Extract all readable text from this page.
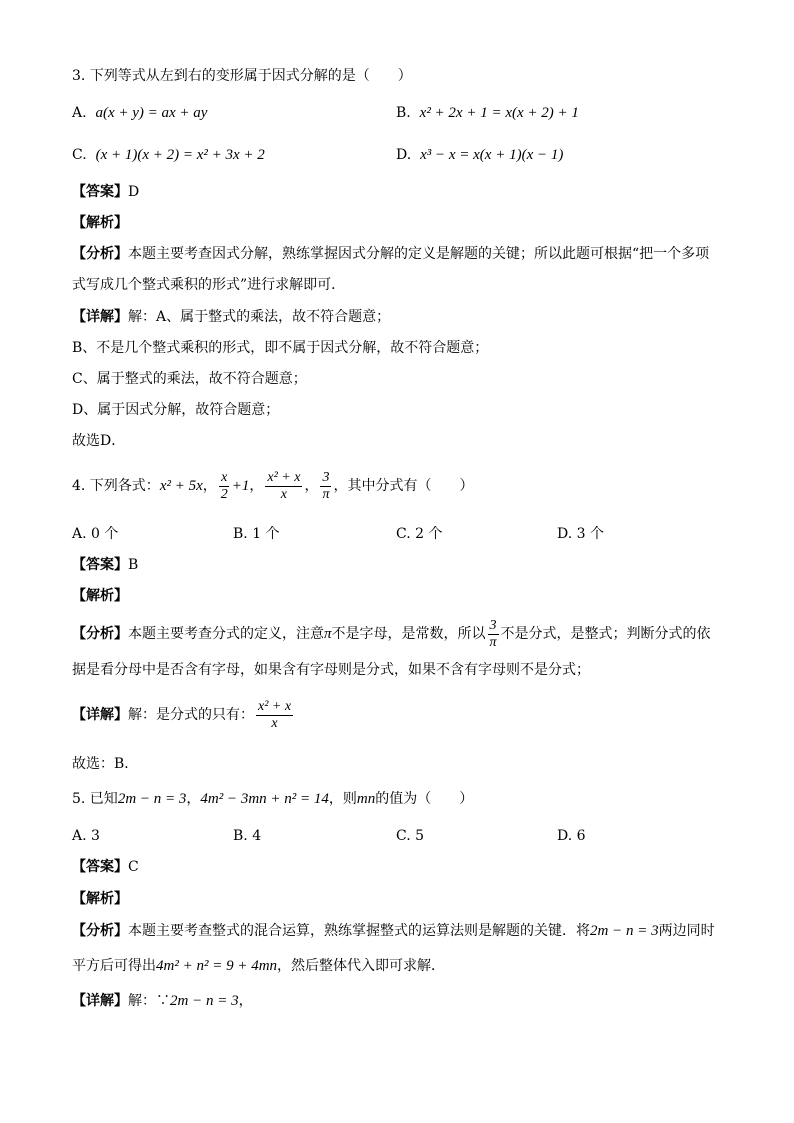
3. 下列等式从左到右的变形属于因式分解的是（　　）
A. a(x + y) = ax + ay	B. x² + 2x + 1 = x(x + 2) + 1
C. (x + 1)(x + 2) = x² + 3x + 2	D. x³ − x = x(x + 1)(x − 1)
【答案】D
【解析】
【分析】本题主要考查因式分解，熟练掌握因式分解的定义是解题的关键；所以此题可根据“把一个多项
式写成几个整式乘积的形式”进行求解即可．
【详解】解：A、属于整式的乘法，故不符合题意；
B、不是几个整式乘积的形式，即不属于因式分解，故不符合题意；
C、属于整式的乘法，故不符合题意；
D、属于因式分解，故符合题意；
故选D．
4. 下列各式：x² + 5x， $\frac{x}{2} +1$， $\frac{\text{x² + x}}{x}$ ， $\frac{3}{\pi}$ ，其中分式有（　　）
A. 0 个	B. 1 个	C. 2 个	D. 3 个
【答案】B
【解析】
【分析】本题主要考查分式的定义，注意π不是字母，是常数，所以 $\frac{3}{\pi}$ 不是分式，是整式；判断分式的依
据是看分母中是否含有字母，如果含有字母则是分式，如果不含有字母则不是分式；
【详解】解：是分式的只有： $\frac{\text{x² + x}}{x}$
故选：B．
5. 已知2m − n = 3，4m² − 3mn + n² = 14，则mn的值为（　　）
A. 3	B. 4	C. 5	D. 6
【答案】C
【解析】
【分析】本题主要考查整式的混合运算，熟练掌握整式的运算法则是解题的关键．将2m − n = 3两边同时
平方后可得出4m² + n² = 9 + 4mn，然后整体代入即可求解．
【详解】解：∵2m − n = 3，
